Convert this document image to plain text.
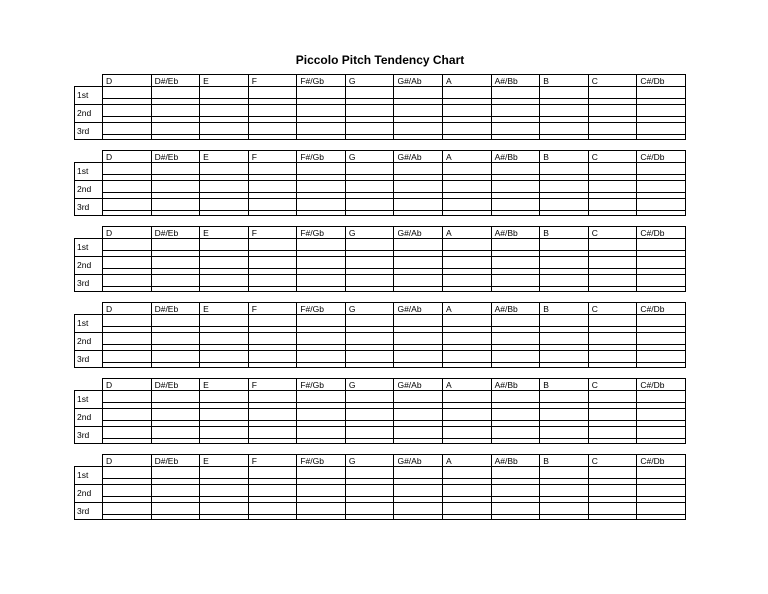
Piccolo Pitch Tendency Chart
D	D#/Eb	E	F	F#/Gb	G	G#/Ab	A	A#/Bb	B	C	C#/Db
1st
2nd
3rd
D	D#/Eb	E	F	F#/Gb	G	G#/Ab	A	A#/Bb	B	C	C#/Db
1st
2nd
3rd
D	D#/Eb	E	F	F#/Gb	G	G#/Ab	A	A#/Bb	B	C	C#/Db
1st
2nd
3rd
D	D#/Eb	E	F	F#/Gb	G	G#/Ab	A	A#/Bb	B	C	C#/Db
1st
2nd
3rd
D	D#/Eb	E	F	F#/Gb	G	G#/Ab	A	A#/Bb	B	C	C#/Db
1st
2nd
3rd
D	D#/Eb	E	F	F#/Gb	G	G#/Ab	A	A#/Bb	B	C	C#/Db
1st
2nd
3rd
